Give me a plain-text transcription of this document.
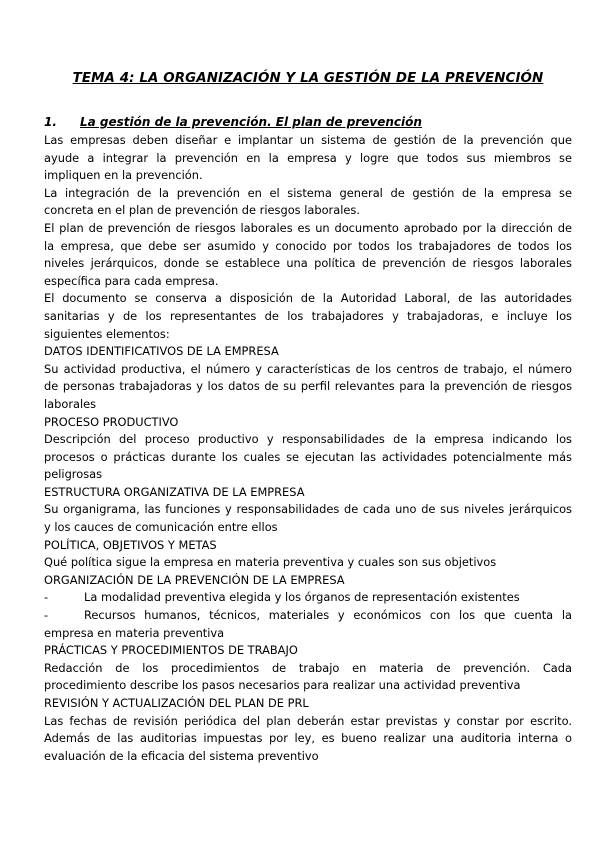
TEMA 4: LA ORGANIZACIÓN Y LA GESTIÓN DE LA PREVENCIÓN
1. La gestión de la prevención. El plan de prevención

Las empresas deben diseñar e implantar un sistema de gestión de la prevención que
ayude a integrar la prevención en la empresa y logre que todos sus miembros se
impliquen en la prevención.

La integración de la prevención en el sistema general de gestión de la empresa se
concreta en el plan de prevención de riesgos laborales.

El plan de prevención de riesgos laborales es un documento aprobado por la dirección de
la empresa, que debe ser asumido y conocido por todos los trabajadores de todos los
niveles jerárquicos, donde se establece una política de prevención de riesgos laborales
específica para cada empresa.

El documento se conserva a disposición de la Autoridad Laboral, de las autoridades
sanitarias y de los representantes de los trabajadores y trabajadoras, e incluye los
siguientes elementos:

DATOS IDENTIFICATIVOS DE LA EMPRESA

Su actividad productiva, el número y características de los centros de trabajo, el número
de personas trabajadoras y los datos de su perfil relevantes para la prevención de riesgos
laborales

PROCESO PRODUCTIVO

Descripción del proceso productivo y responsabilidades de la empresa indicando los
procesos o prácticas durante los cuales se ejecutan las actividades potencialmente más
peligrosas

ESTRUCTURA ORGANIZATIVA DE LA EMPRESA

Su organigrama, las funciones y responsabilidades de cada uno de sus niveles jerárquicos
y los cauces de comunicación entre ellos

POLÍTICA, OBJETIVOS Y METAS

Qué política sigue la empresa en materia preventiva y cuales son sus objetivos

ORGANIZACIÓN DE LA PREVENCIÓN DE LA EMPRESA

-	La modalidad preventiva elegida y los órganos de representación existentes

-	Recursos humanos, técnicos, materiales y económicos con los que cuenta la
empresa en materia preventiva

PRÁCTICAS Y PROCEDIMIENTOS DE TRABAJO

Redacción de los procedimientos de trabajo en materia de prevención. Cada
procedimiento describe los pasos necesarios para realizar una actividad preventiva

REVISIÓN Y ACTUALIZACIÓN DEL PLAN DE PRL

Las fechas de revisión periódica del plan deberán estar previstas y constar por escrito.
Además de las auditorias impuestas por ley, es bueno realizar una auditoria interna o
evaluación de la eficacia del sistema preventivo
